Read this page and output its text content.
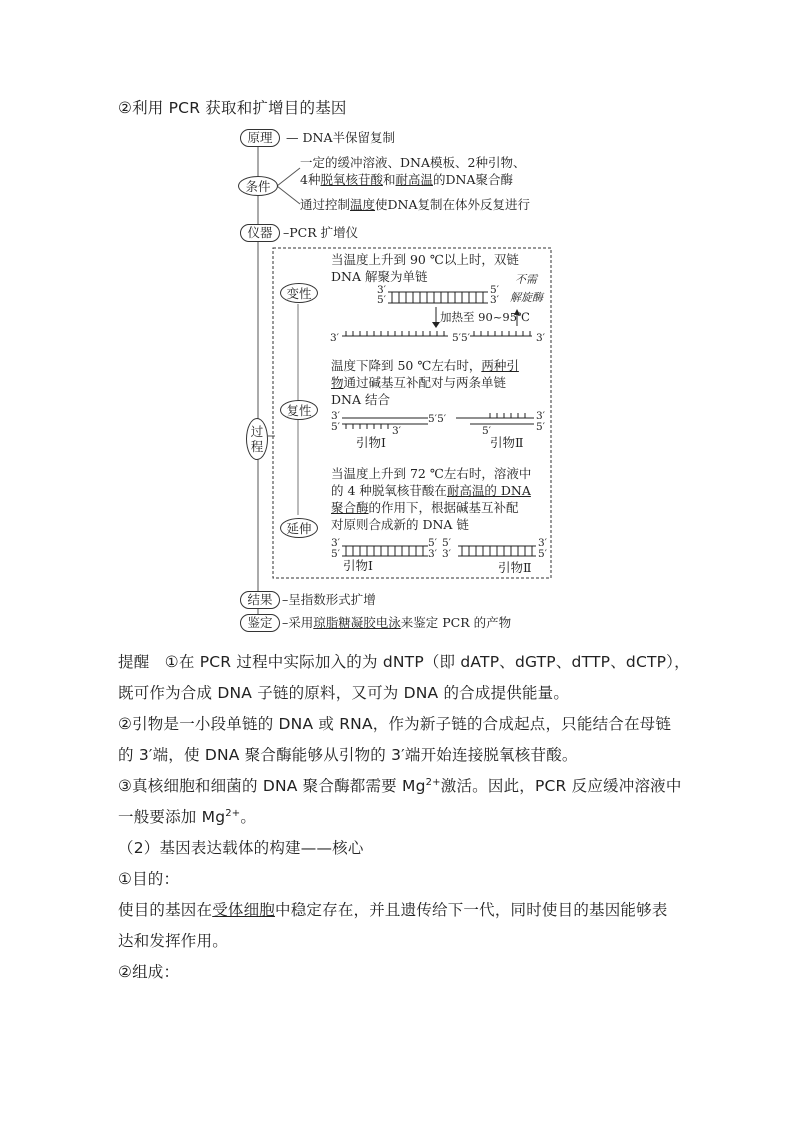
②利用 PCR 获取和扩增目的基因
原理	— DNA半保留复制
条件
一定的缓冲溶液、DNA模板、2种引物、
4种脱氧核苷酸和耐高温的DNA聚合酶
通过控制温度使DNA复制在体外反复进行
仪器 –PCR 扩增仪
过程
变性
复性
延伸
当温度上升到 90 ℃以上时，双链
DNA 解聚为单链	不需
解旋酶
3′
5′
5′
3′
加热至 90~95℃
3′	5′ 5′	3′
温度下降到 50 ℃左右时，两种引
物通过碱基互补配对与两条单链
DNA 结合
3′
5′
5′5′
3′	5′
3′
5′
引物Ⅰ	引物Ⅱ
当温度上升到 72 ℃左右时，溶液中
的 4 种脱氧核苷酸在耐高温的 DNA
聚合酶的作用下，根据碱基互补配
对原则合成新的 DNA 链
3′
5′
5′
3′
5′
3′
3′
5′
引物Ⅰ	引物Ⅱ
结果 –呈指数形式扩增
鉴定 –采用琼脂糖凝胶电泳来鉴定 PCR 的产物
提醒 ①在 PCR 过程中实际加入的为 dNTP（即 dATP、dGTP、dTTP、dCTP），
既可作为合成 DNA 子链的原料，又可为 DNA 的合成提供能量。
②引物是一小段单链的 DNA 或 RNA，作为新子链的合成起点，只能结合在母链
的 3′端，使 DNA 聚合酶能够从引物的 3′端开始连接脱氧核苷酸。
③真核细胞和细菌的 DNA 聚合酶都需要 $Mg^{2+}$激活。因此，PCR 反应缓冲溶液中
一般要添加 $Mg^{2+}$。
（2）基因表达载体的构建——核心
①目的：
使目的基因在受体细胞中稳定存在，并且遗传给下一代，同时使目的基因能够表
达和发挥作用。
②组成：
